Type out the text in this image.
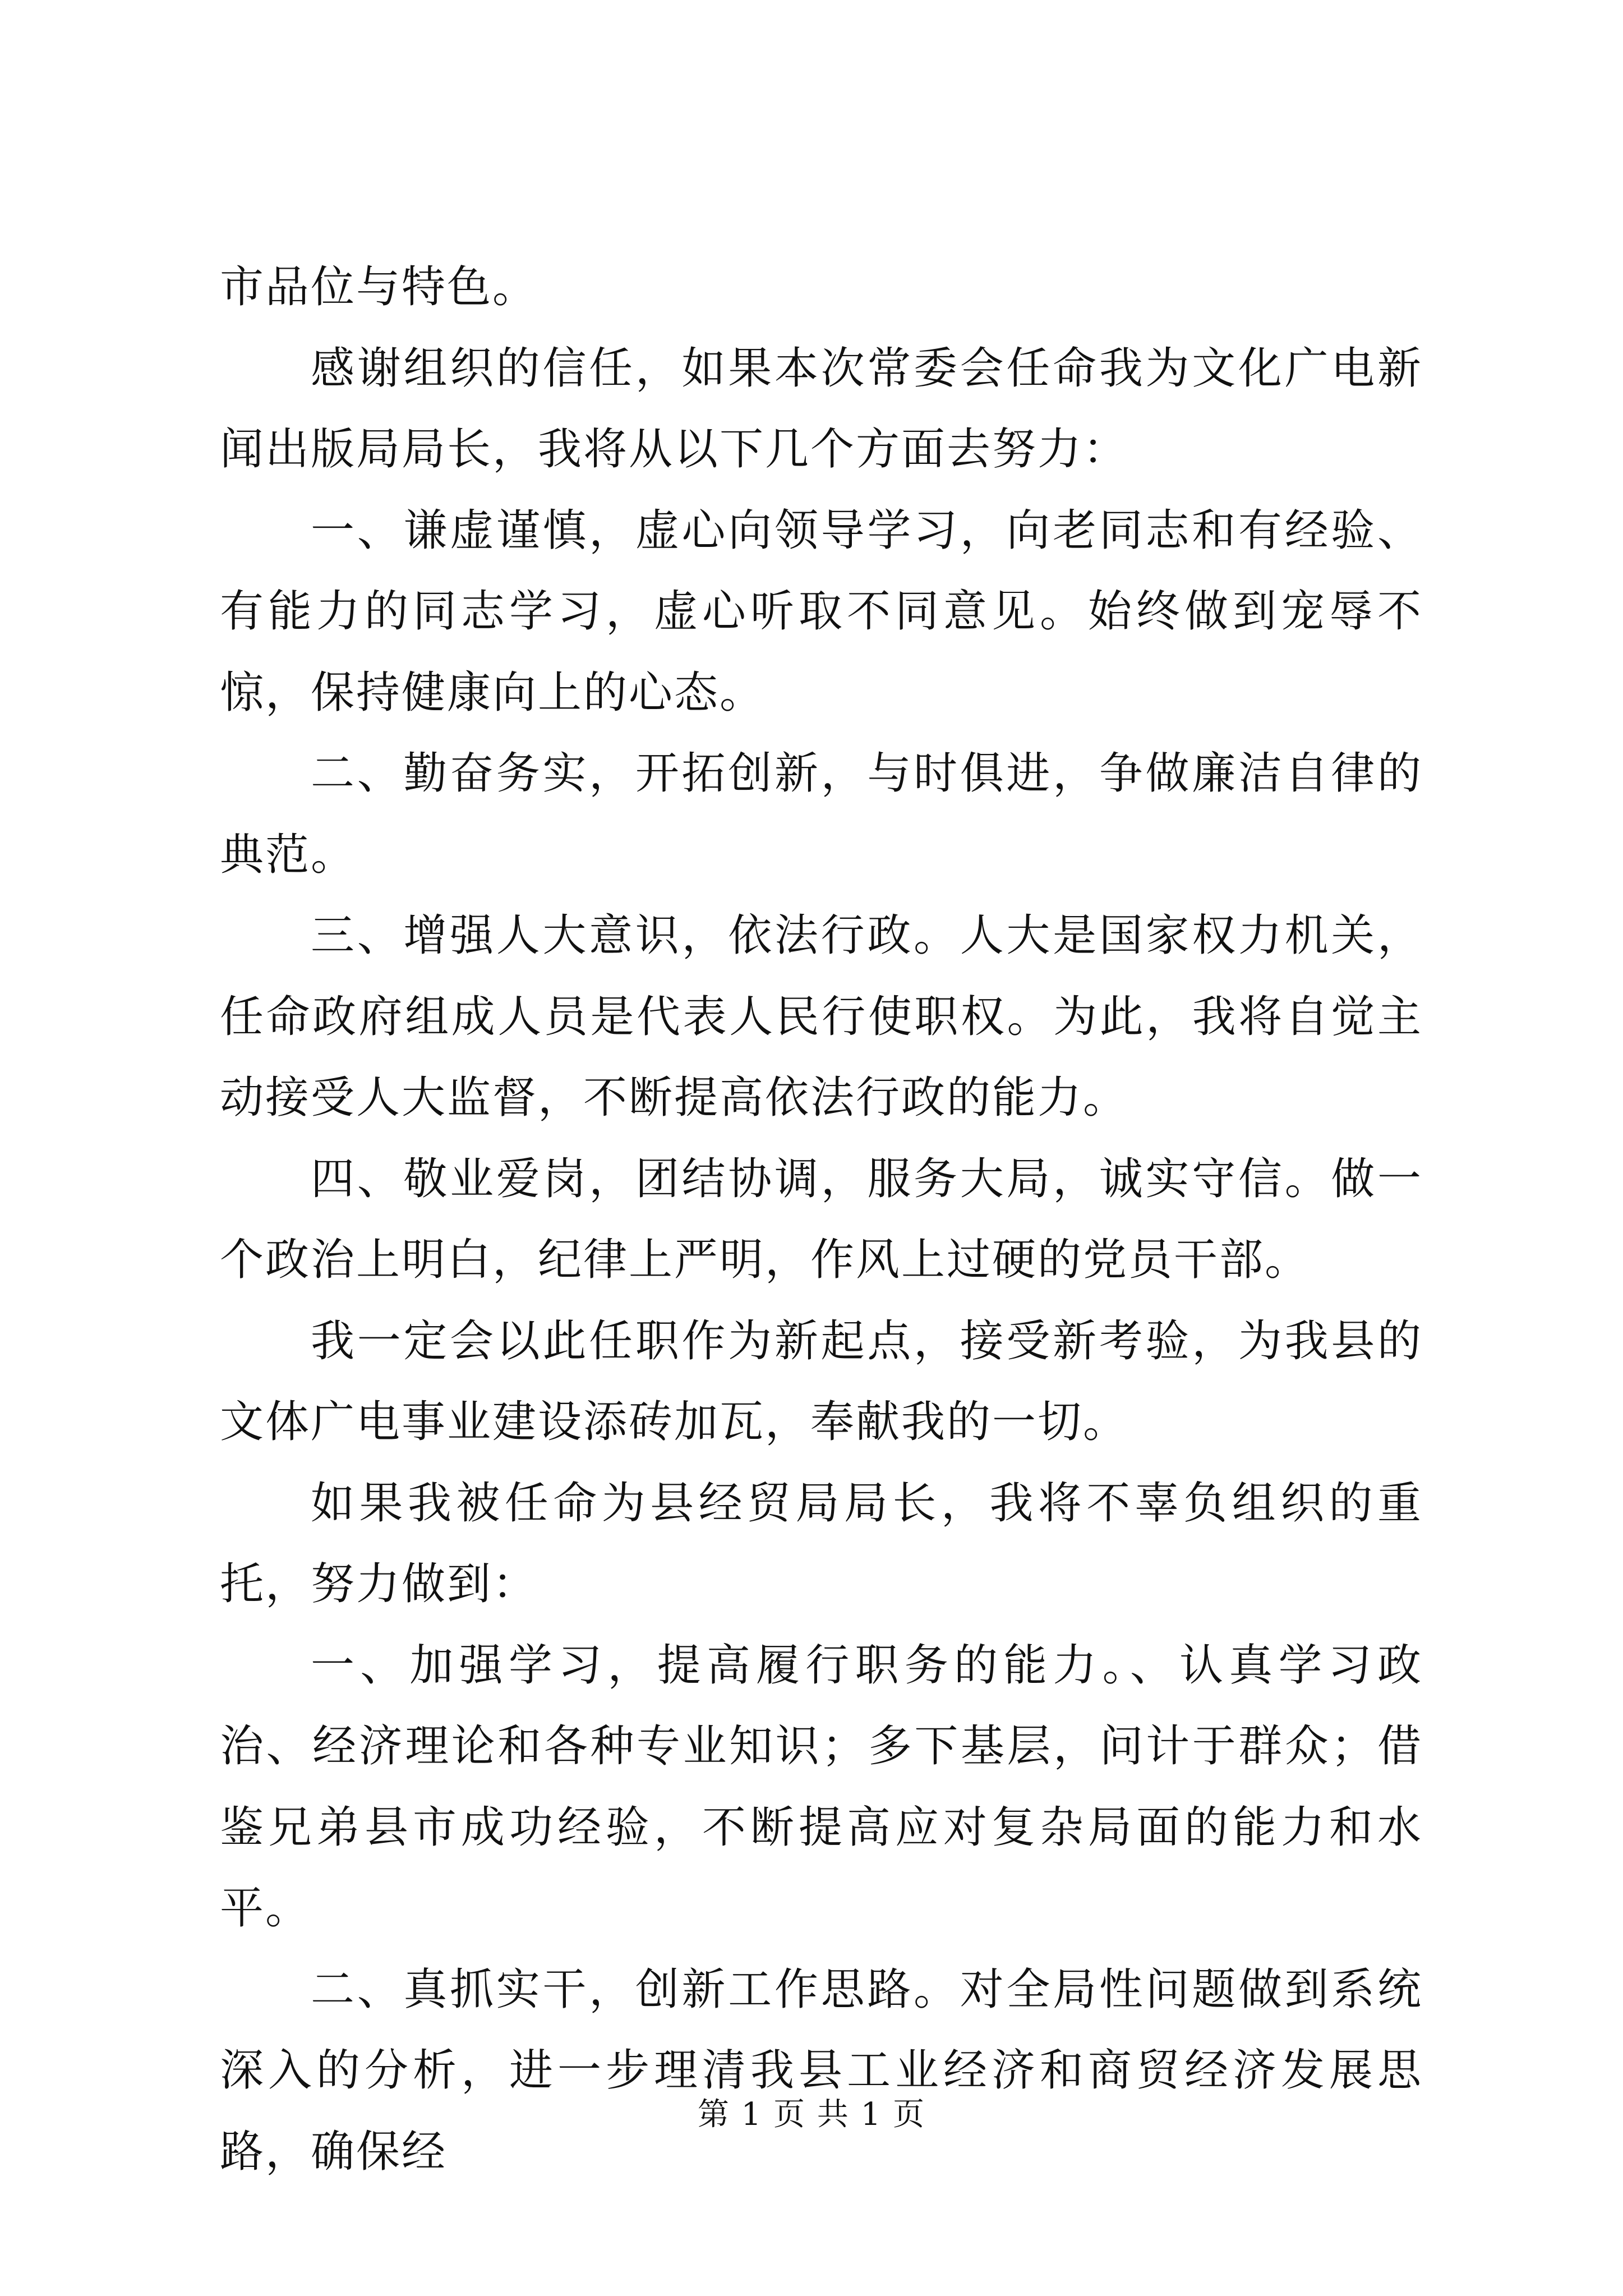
市品位与特色。

感谢组织的信任，如果本次常委会任命我为文化广电新闻出版局局长，我将从以下几个方面去努力：

一、谦虚谨慎，虚心向领导学习，向老同志和有经验、有能力的同志学习，虚心听取不同意见。始终做到宠辱不惊，保持健康向上的心态。

二、勤奋务实，开拓创新，与时俱进，争做廉洁自律的典范。

三、增强人大意识，依法行政。人大是国家权力机关，任命政府组成人员是代表人民行使职权。为此，我将自觉主动接受人大监督，不断提高依法行政的能力。

四、敬业爱岗，团结协调，服务大局，诚实守信。做一个政治上明白，纪律上严明，作风上过硬的党员干部。

我一定会以此任职作为新起点，接受新考验，为我县的文体广电事业建设添砖加瓦，奉献我的一切。

如果我被任命为县经贸局局长，我将不辜负组织的重托，努力做到：

一、加强学习，提高履行职务的能力。、认真学习政治、经济理论和各种专业知识；多下基层，问计于群众；借鉴兄弟县市成功经验，不断提高应对复杂局面的能力和水平。

二、真抓实干，创新工作思路。对全局性问题做到系统深入的分析，进一步理清我县工业经济和商贸经济发展思路，确保经

第 1 页 共 1 页
